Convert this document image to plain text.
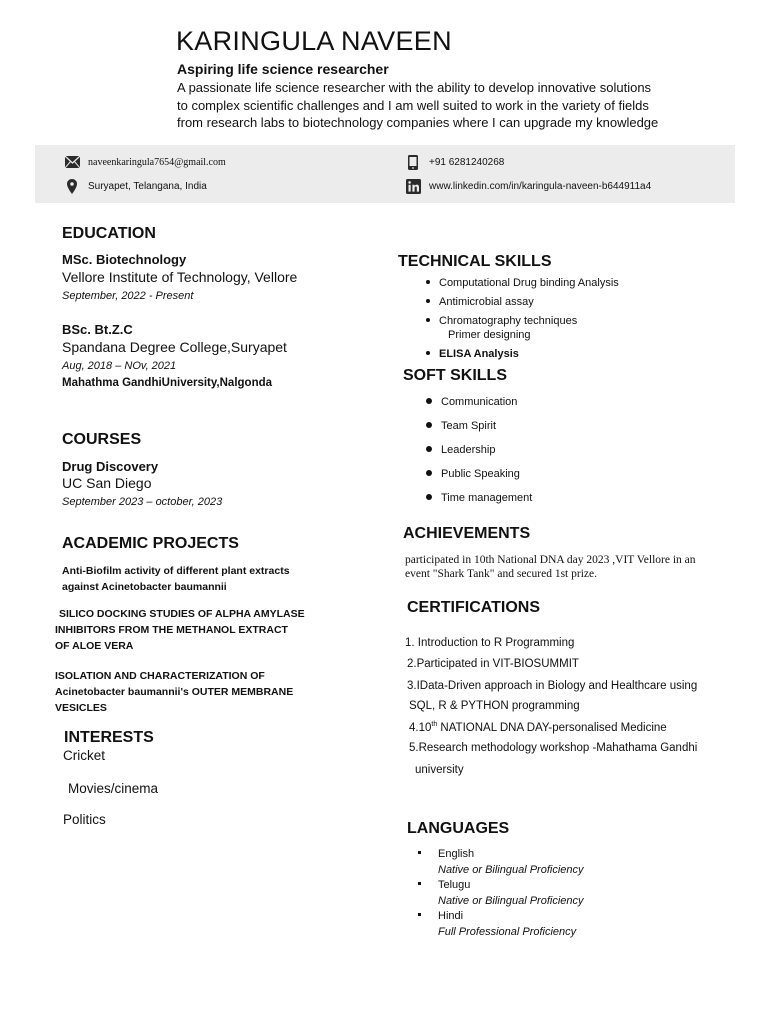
KARINGULA NAVEEN
Aspiring life science researcher
A passionate life science researcher with the ability to develop innovative solutions
to complex scientific challenges and I am well suited to work in the variety of fields
from research labs to biotechnology companies where I can upgrade my knowledge
naveenkaringula7654@gmail.com
Suryapet, Telangana, India
+91 6281240268
www.linkedin.com/in/karingula-naveen-b644911a4
EDUCATION
MSc. Biotechnology
Vellore Institute of Technology, Vellore
September, 2022 - Present
BSc. Bt.Z.C
Spandana Degree College,Suryapet
Aug, 2018 – NOv, 2021
Mahathma GandhiUniversity,Nalgonda
COURSES
Drug Discovery
UC San Diego
September 2023 – october, 2023
ACADEMIC PROJECTS
Anti-Biofilm activity of different plant extracts
against Acinetobacter baumannii
SILICO DOCKING STUDIES OF ALPHA AMYLASE
INHIBITORS FROM THE METHANOL EXTRACT
OF ALOE VERA
ISOLATION AND CHARACTERIZATION OF
Acinetobacter baumannii's OUTER MEMBRANE
VESICLES
INTERESTS
Cricket
Movies/cinema
Politics
TECHNICAL SKILLS
Computational Drug binding Analysis
Antimicrobial assay
Chromatography techniques
Primer designing
ELISA Analysis
SOFT SKILLS
Communication
Team Spirit
Leadership
Public Speaking
Time management
ACHIEVEMENTS
participated in 10th National DNA day 2023 ,VIT Vellore in an
event "Shark Tank" and secured 1st prize.
CERTIFICATIONS
1. Introduction to R Programming
2.Participated in VIT-BIOSUMMIT
3.IData-Driven approach in Biology and Healthcare using
SQL, R & PYTHON programming
4.10th NATIONAL DNA DAY-personalised Medicine
5.Research methodology workshop -Mahathama Gandhi
university
LANGUAGES
English
Native or Bilingual Proficiency
Telugu
Native or Bilingual Proficiency
Hindi
Full Professional Proficiency
